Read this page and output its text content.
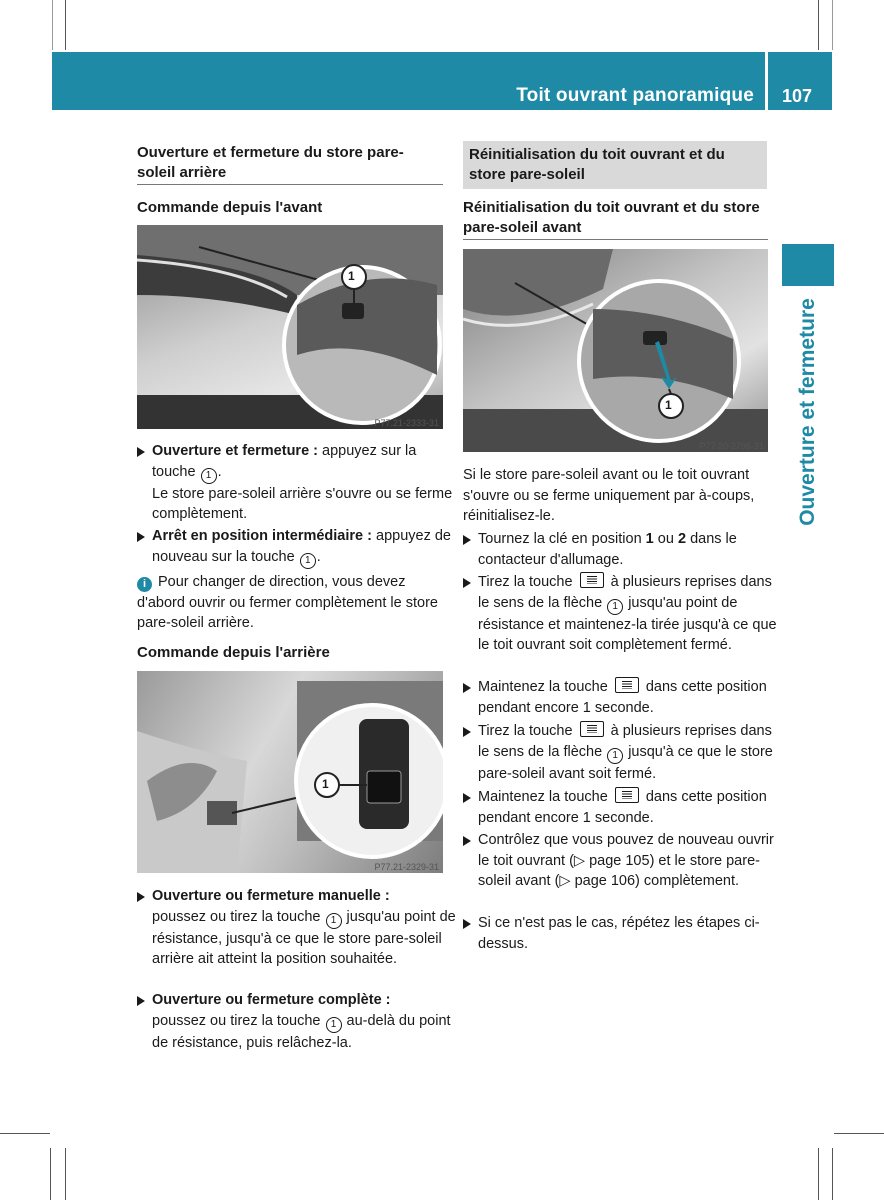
Toit ouvrant panoramique 107
Ouverture et fermeture

Ouverture et fermeture du store pare-soleil arrière

Commande depuis l'avant

1
P77.21-2333-31
Ouverture et fermeture : appuyez sur la touche 1 .
Le store pare-soleil arrière s'ouvre ou se ferme complètement.
Arrêt en position intermédiaire : appuyez de nouveau sur la touche 1 .
i Pour changer de direction, vous devez d'abord ouvrir ou fermer complètement le store pare-soleil arrière.

Commande depuis l'arrière

1
P77.21-2329-31
Ouverture ou fermeture manuelle :
poussez ou tirez la touche 1 jusqu'au point de résistance, jusqu'à ce que le store pare-soleil arrière ait atteint la position souhaitée.
Ouverture ou fermeture complète :
poussez ou tirez la touche 1 au-delà du point de résistance, puis relâchez-la.
Réinitialisation du toit ouvrant et du store pare-soleil

Réinitialisation du toit ouvrant et du store pare-soleil avant

1
P77.20-2796-31

Si le store pare-soleil avant ou le toit ouvrant s'ouvre ou se ferme uniquement par à-coups, réinitialisez-le.

Tournez la clé en position 1 ou 2 dans le contacteur d'allumage.
Tirez la touche	à plusieurs reprises dans le sens de la flèche 1 jusqu'au point de résistance et maintenez-la tirée jusqu'à ce que le toit ouvrant soit complètement fermé.
Maintenez la touche	dans cette position pendant encore 1 seconde.
Tirez la touche	à plusieurs reprises dans le sens de la flèche 1 jusqu'à ce que le store pare-soleil avant soit fermé.
Maintenez la touche	dans cette position pendant encore 1 seconde.
Contrôlez que vous pouvez de nouveau ouvrir le toit ouvrant (▷ page 105) et le store pare-soleil avant (▷ page 106) complètement.
Si ce n'est pas le cas, répétez les étapes ci-dessus.
